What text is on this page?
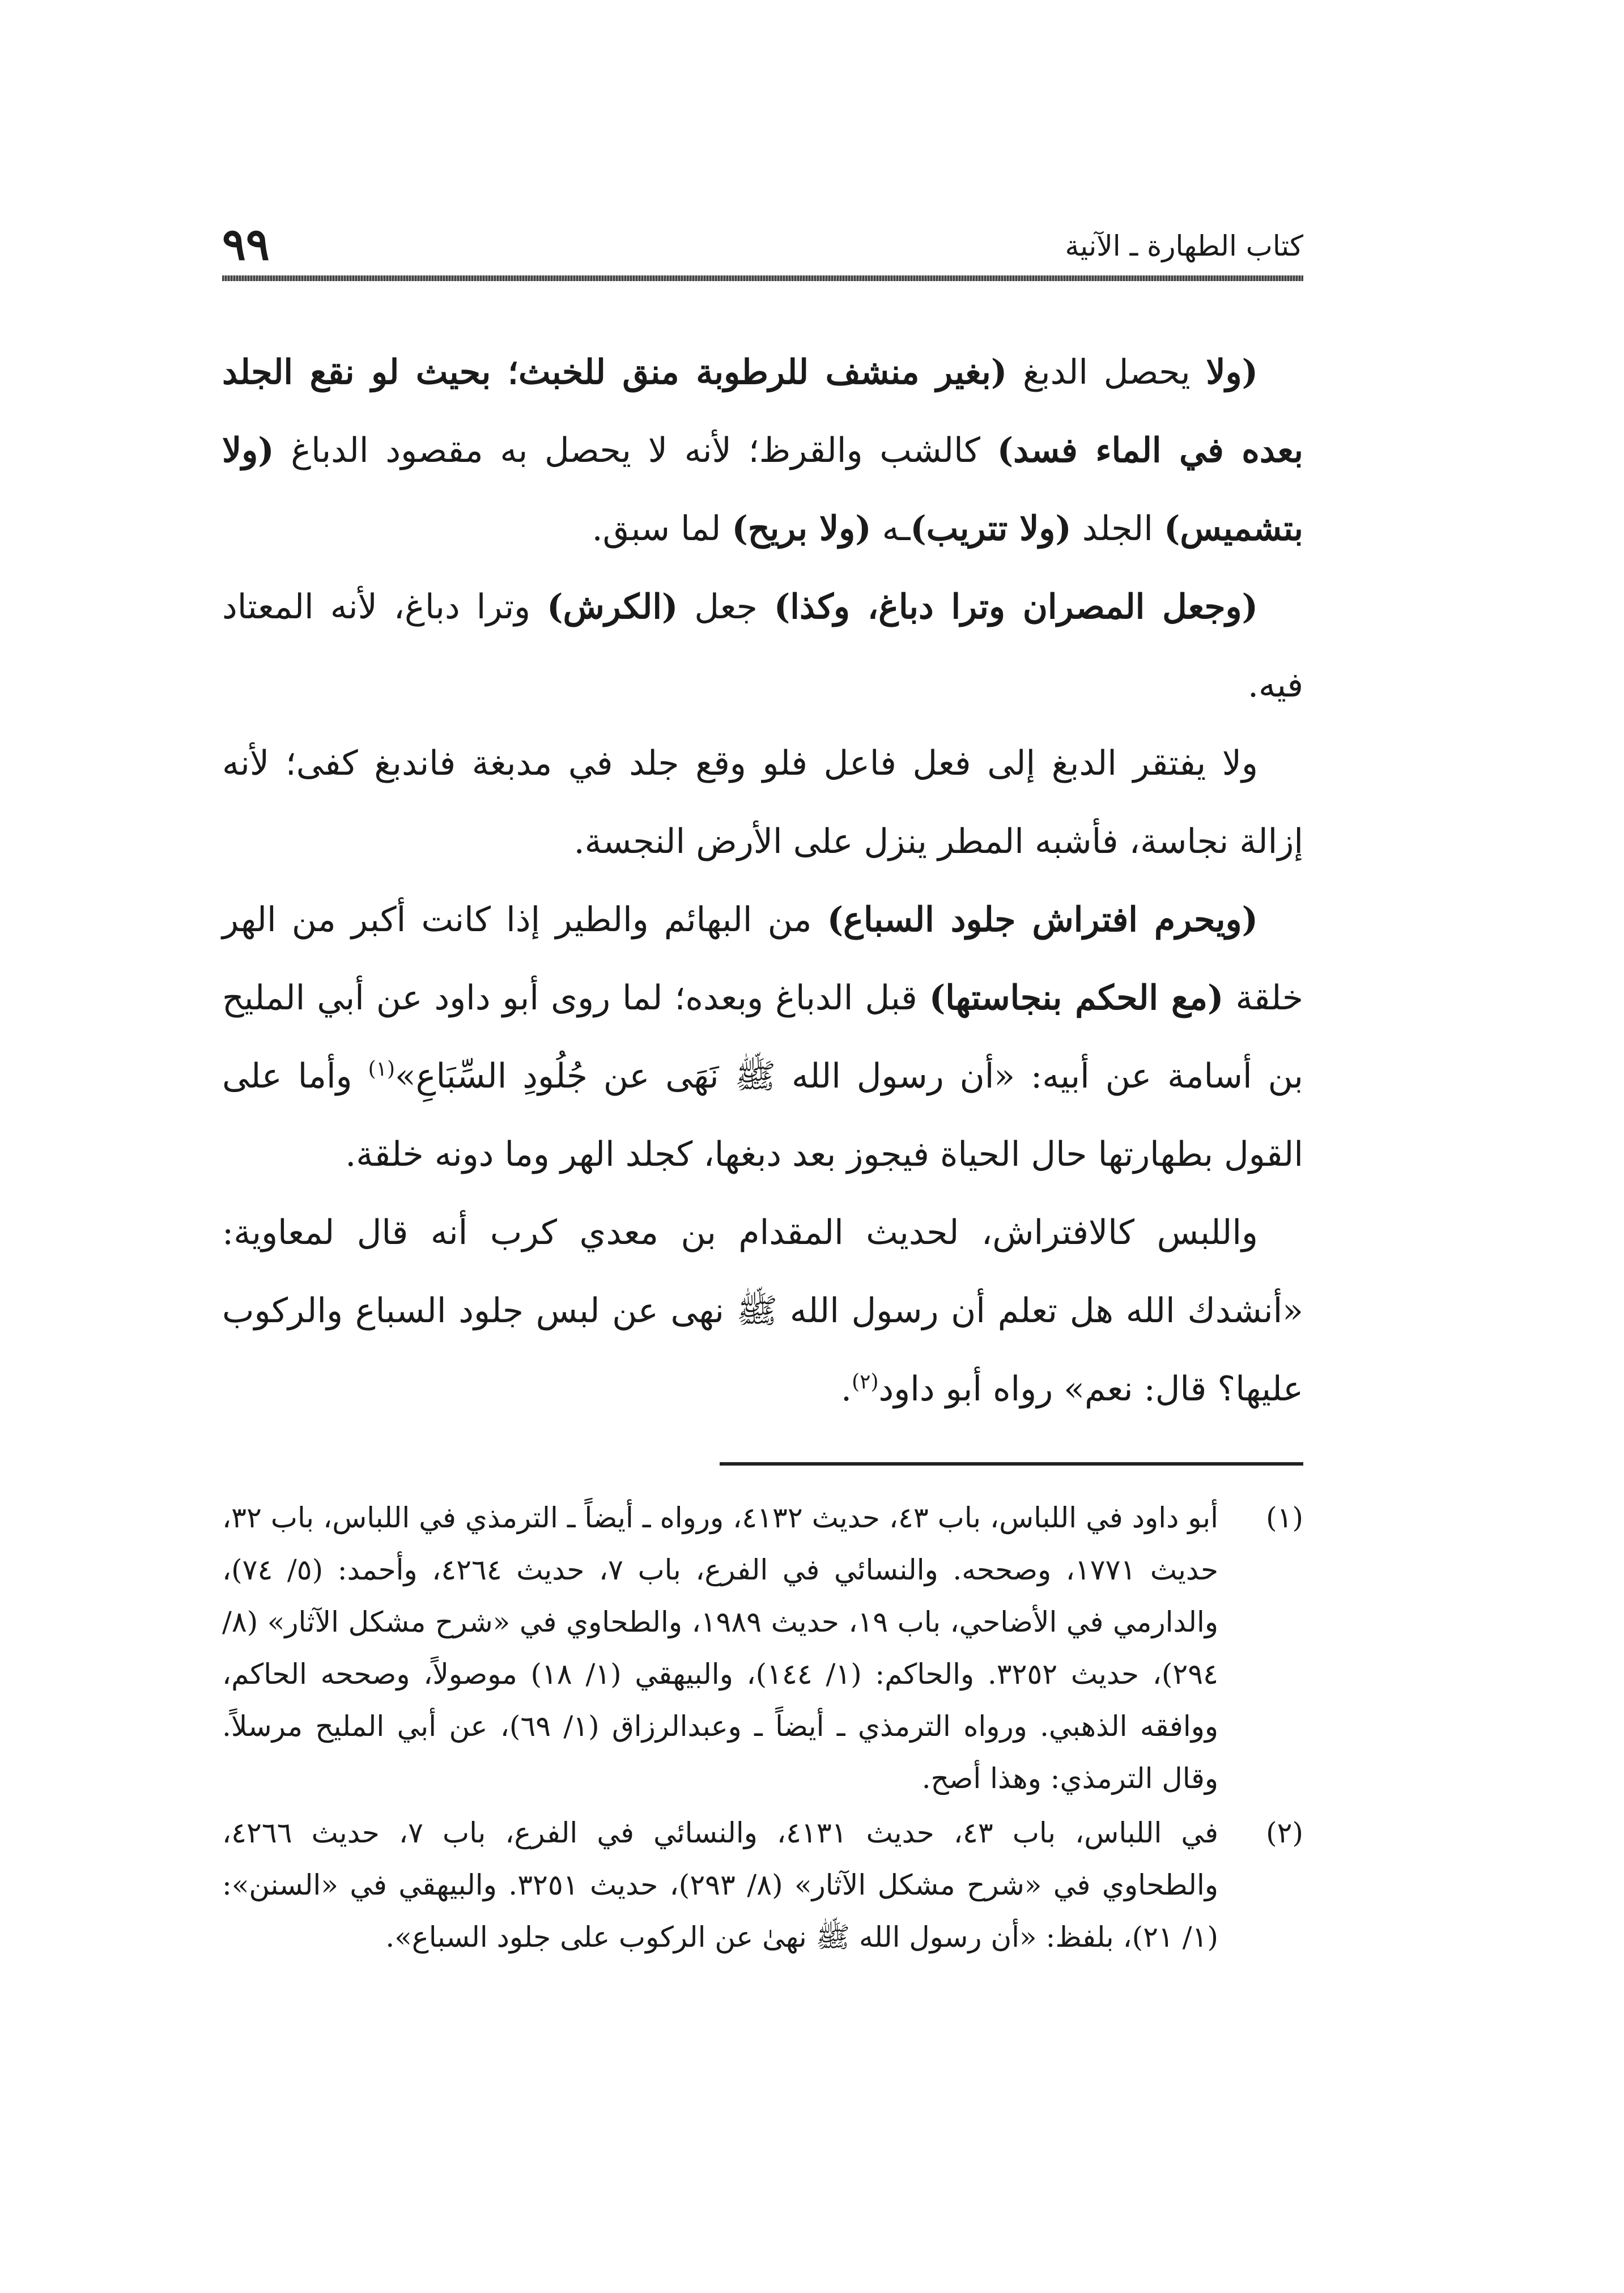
كتاب الطهارة ـ الآنية
٩٩

(ولا يحصل الدبغ (بغير منشف للرطوبة منق للخبث؛ بحيث لو نقع الجلد بعده في الماء فسد) كالشب والقرظ؛ لأنه لا يحصل به مقصود الدباغ (ولا بتشميس) الجلد (ولا تتريب)ـه (ولا بريح) لما سبق.

(وجعل المصران وترا دباغ، وكذا) جعل (الكرش) وترا دباغ، لأنه المعتاد فيه.

ولا يفتقر الدبغ إلى فعل فاعل فلو وقع جلد في مدبغة فاندبغ كفى؛ لأنه إزالة نجاسة، فأشبه المطر ينزل على الأرض النجسة.

(ويحرم افتراش جلود السباع) من البهائم والطير إذا كانت أكبر من الهر خلقة (مع الحكم بنجاستها) قبل الدباغ وبعده؛ لما روى أبو داود عن أبي المليح بن أسامة عن أبيه: «أن رسول الله ﷺ نَهَى عن جُلُودِ السِّبَاعِ»$^{(١)}$ وأما على القول بطهارتها حال الحياة فيجوز بعد دبغها، كجلد الهر وما دونه خلقة.

واللبس كالافتراش، لحديث المقدام بن معدي كرب أنه قال لمعاوية: «أنشدك الله هل تعلم أن رسول الله ﷺ نهى عن لبس جلود السباع والركوب عليها؟ قال: نعم» رواه أبو داود$^{(٢)}$.

(١)
أبو داود في اللباس، باب ٤٣، حديث ٤١٣٢، ورواه ـ أيضاً ـ الترمذي في اللباس، باب ٣٢، حديث ١٧٧١، وصححه. والنسائي في الفرع، باب ٧، حديث ٤٢٦٤، وأحمد: (٥/ ٧٤)، والدارمي في الأضاحي، باب ١٩، حديث ١٩٨٩، والطحاوي في «شرح مشكل الآثار» (٨/ ٢٩٤)، حديث ٣٢٥٢. والحاكم: (١/ ١٤٤)، والبيهقي (١/ ١٨) موصولاً، وصححه الحاكم، ووافقه الذهبي. ورواه الترمذي ـ أيضاً ـ وعبدالرزاق (١/ ٦٩)، عن أبي المليح مرسلاً. وقال الترمذي: وهذا أصح.
(٢)
في اللباس، باب ٤٣، حديث ٤١٣١، والنسائي في الفرع، باب ٧، حديث ٤٢٦٦، والطحاوي في «شرح مشكل الآثار» (٨/ ٢٩٣)، حديث ٣٢٥١. والبيهقي في «السنن»: (١/ ٢١)، بلفظ: «أن رسول الله ﷺ نهىٰ عن الركوب على جلود السباع».
